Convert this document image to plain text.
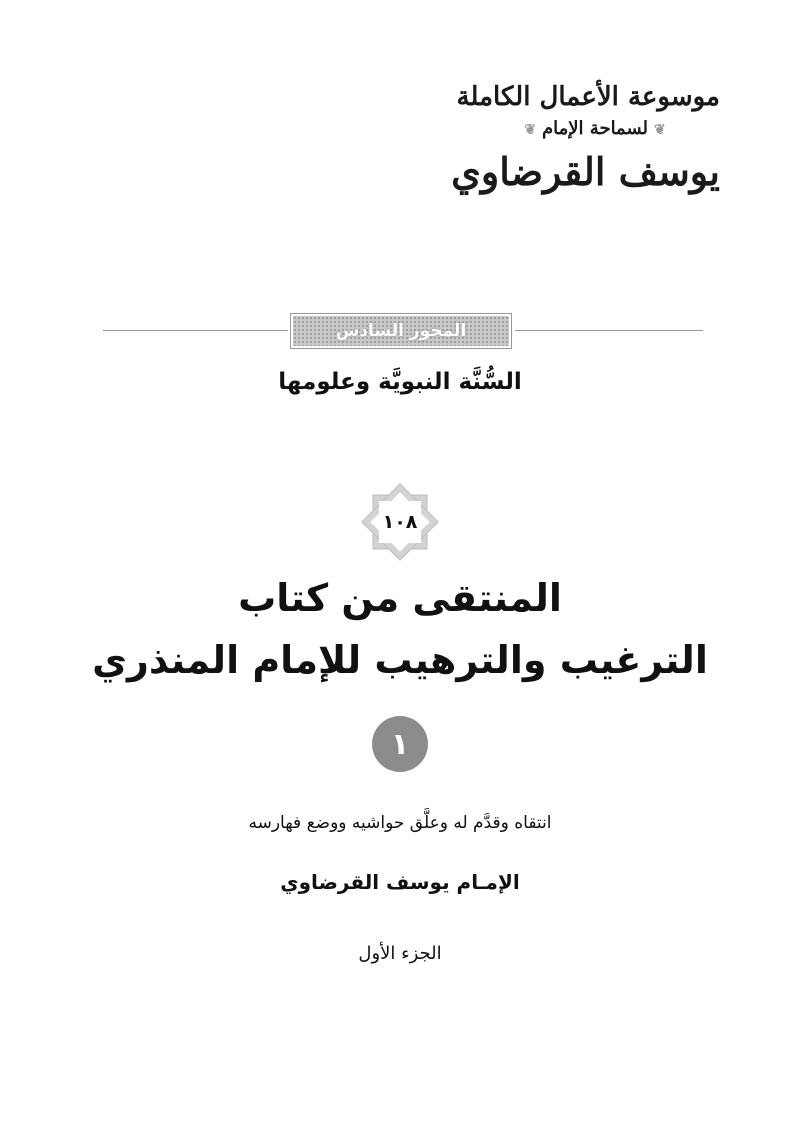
موسوعة الأعمال الكاملة
❦لسماحة الإمام❦
يوسف القرضاوي
المحور السادس
السُّنَّة النبويَّة وعلومها
١٠٨
المنتقى من كتاب
الترغيب والترهيب للإمام المنذري
١
انتقاه وقدَّم له وعلَّق حواشيه ووضع فهارسه
الإمـام يوسف القرضاوي
الجزء الأول
